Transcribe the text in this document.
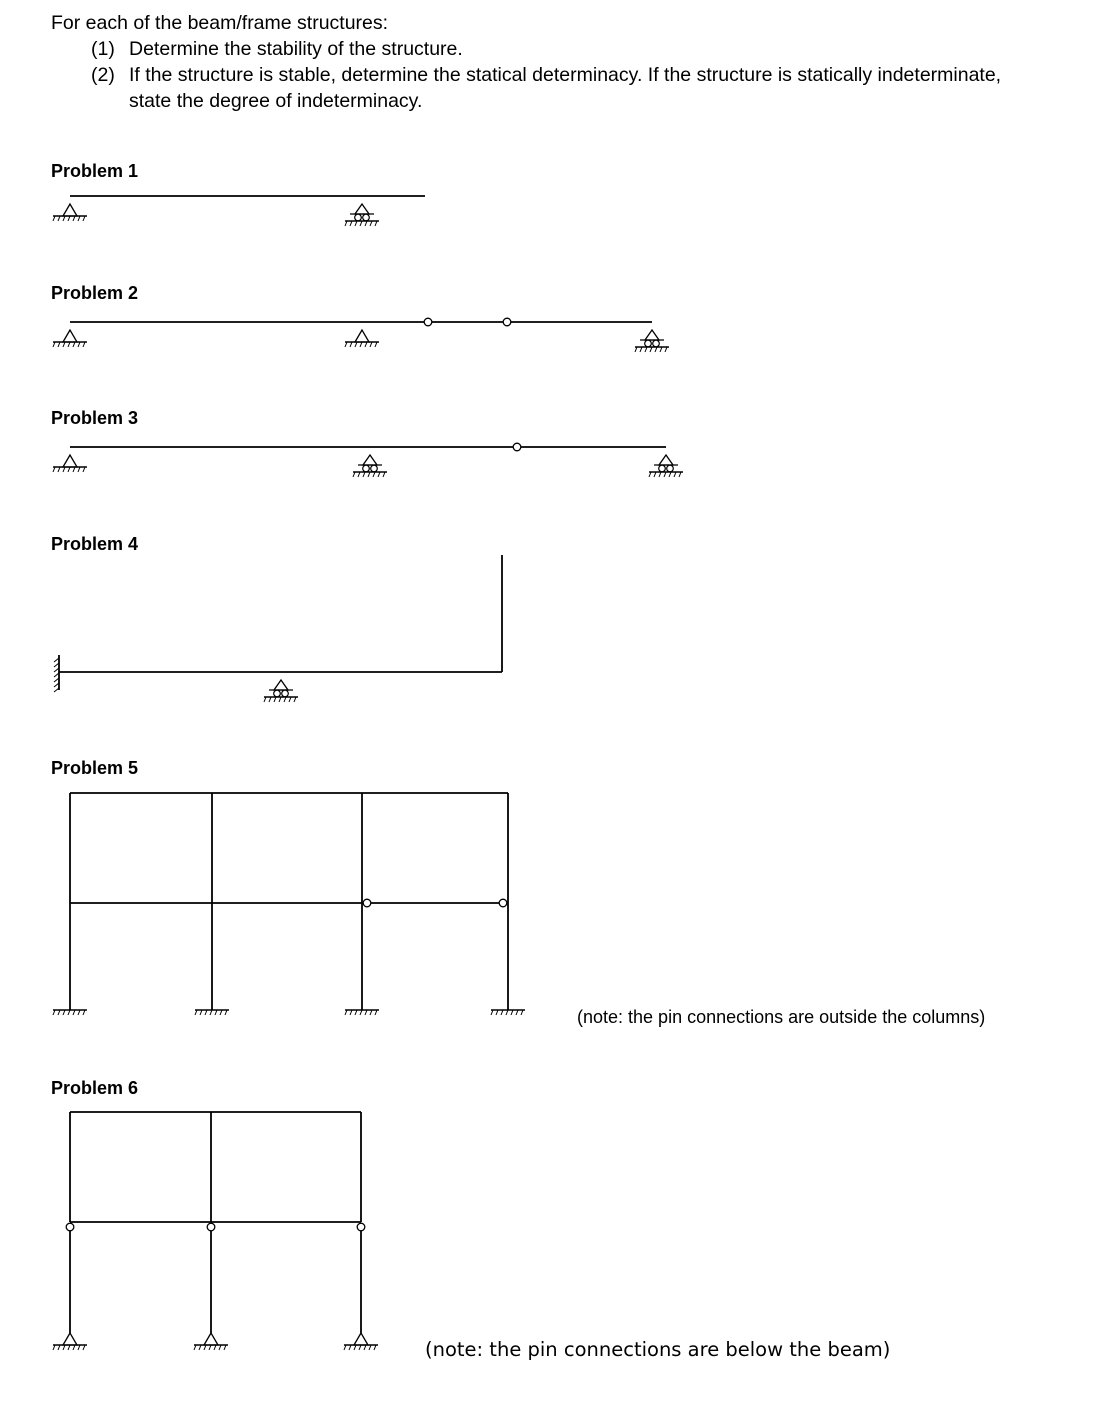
For each of the beam/frame structures:
(1) Determine the stability of the structure.
(2) If the structure is stable, determine the statical determinacy. If the structure is statically indeterminate, state the degree of indeterminacy.
Problem 1
Problem 2
Problem 3
Problem 4
Problem 5
Problem 6
(note: the pin connections are outside the columns)
(note: the pin connections are below the beam)
